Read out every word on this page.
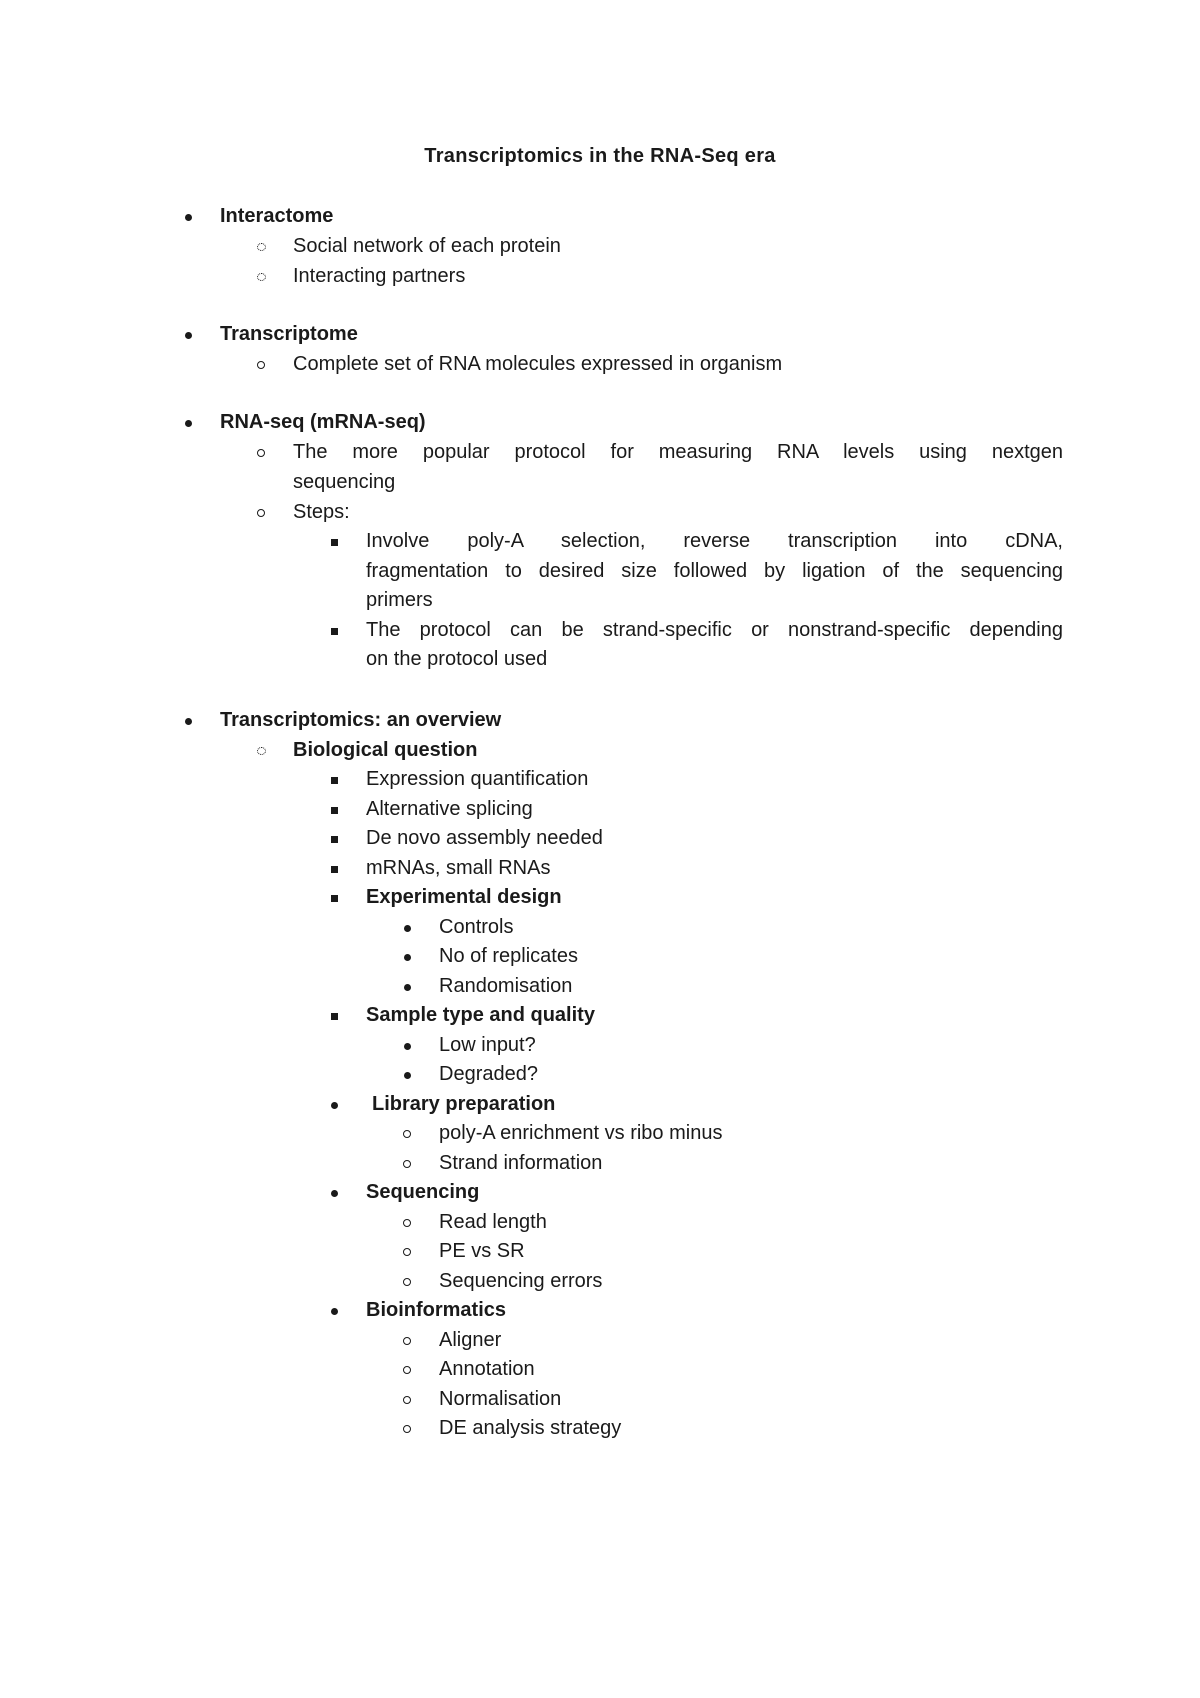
Transcriptomics in the RNA-Seq era
Interactome
Social network of each protein
Interacting partners
Transcriptome
Complete set of RNA molecules expressed in organism
RNA-seq (mRNA-seq)
The more popular protocol for measuring RNA levels using nextgen
sequencing
Steps:
Involve poly-A selection, reverse transcription into cDNA,
fragmentation to desired size followed by ligation of the sequencing
primers
The protocol can be strand-specific or nonstrand-specific depending
on the protocol used
Transcriptomics: an overview
Biological question
Expression quantification
Alternative splicing
De novo assembly needed
mRNAs, small RNAs
Experimental design
Controls
No of replicates
Randomisation
Sample type and quality
Low input?
Degraded?
Library preparation
poly-A enrichment vs ribo minus
Strand information
Sequencing
Read length
PE vs SR
Sequencing errors
Bioinformatics
Aligner
Annotation
Normalisation
DE analysis strategy
